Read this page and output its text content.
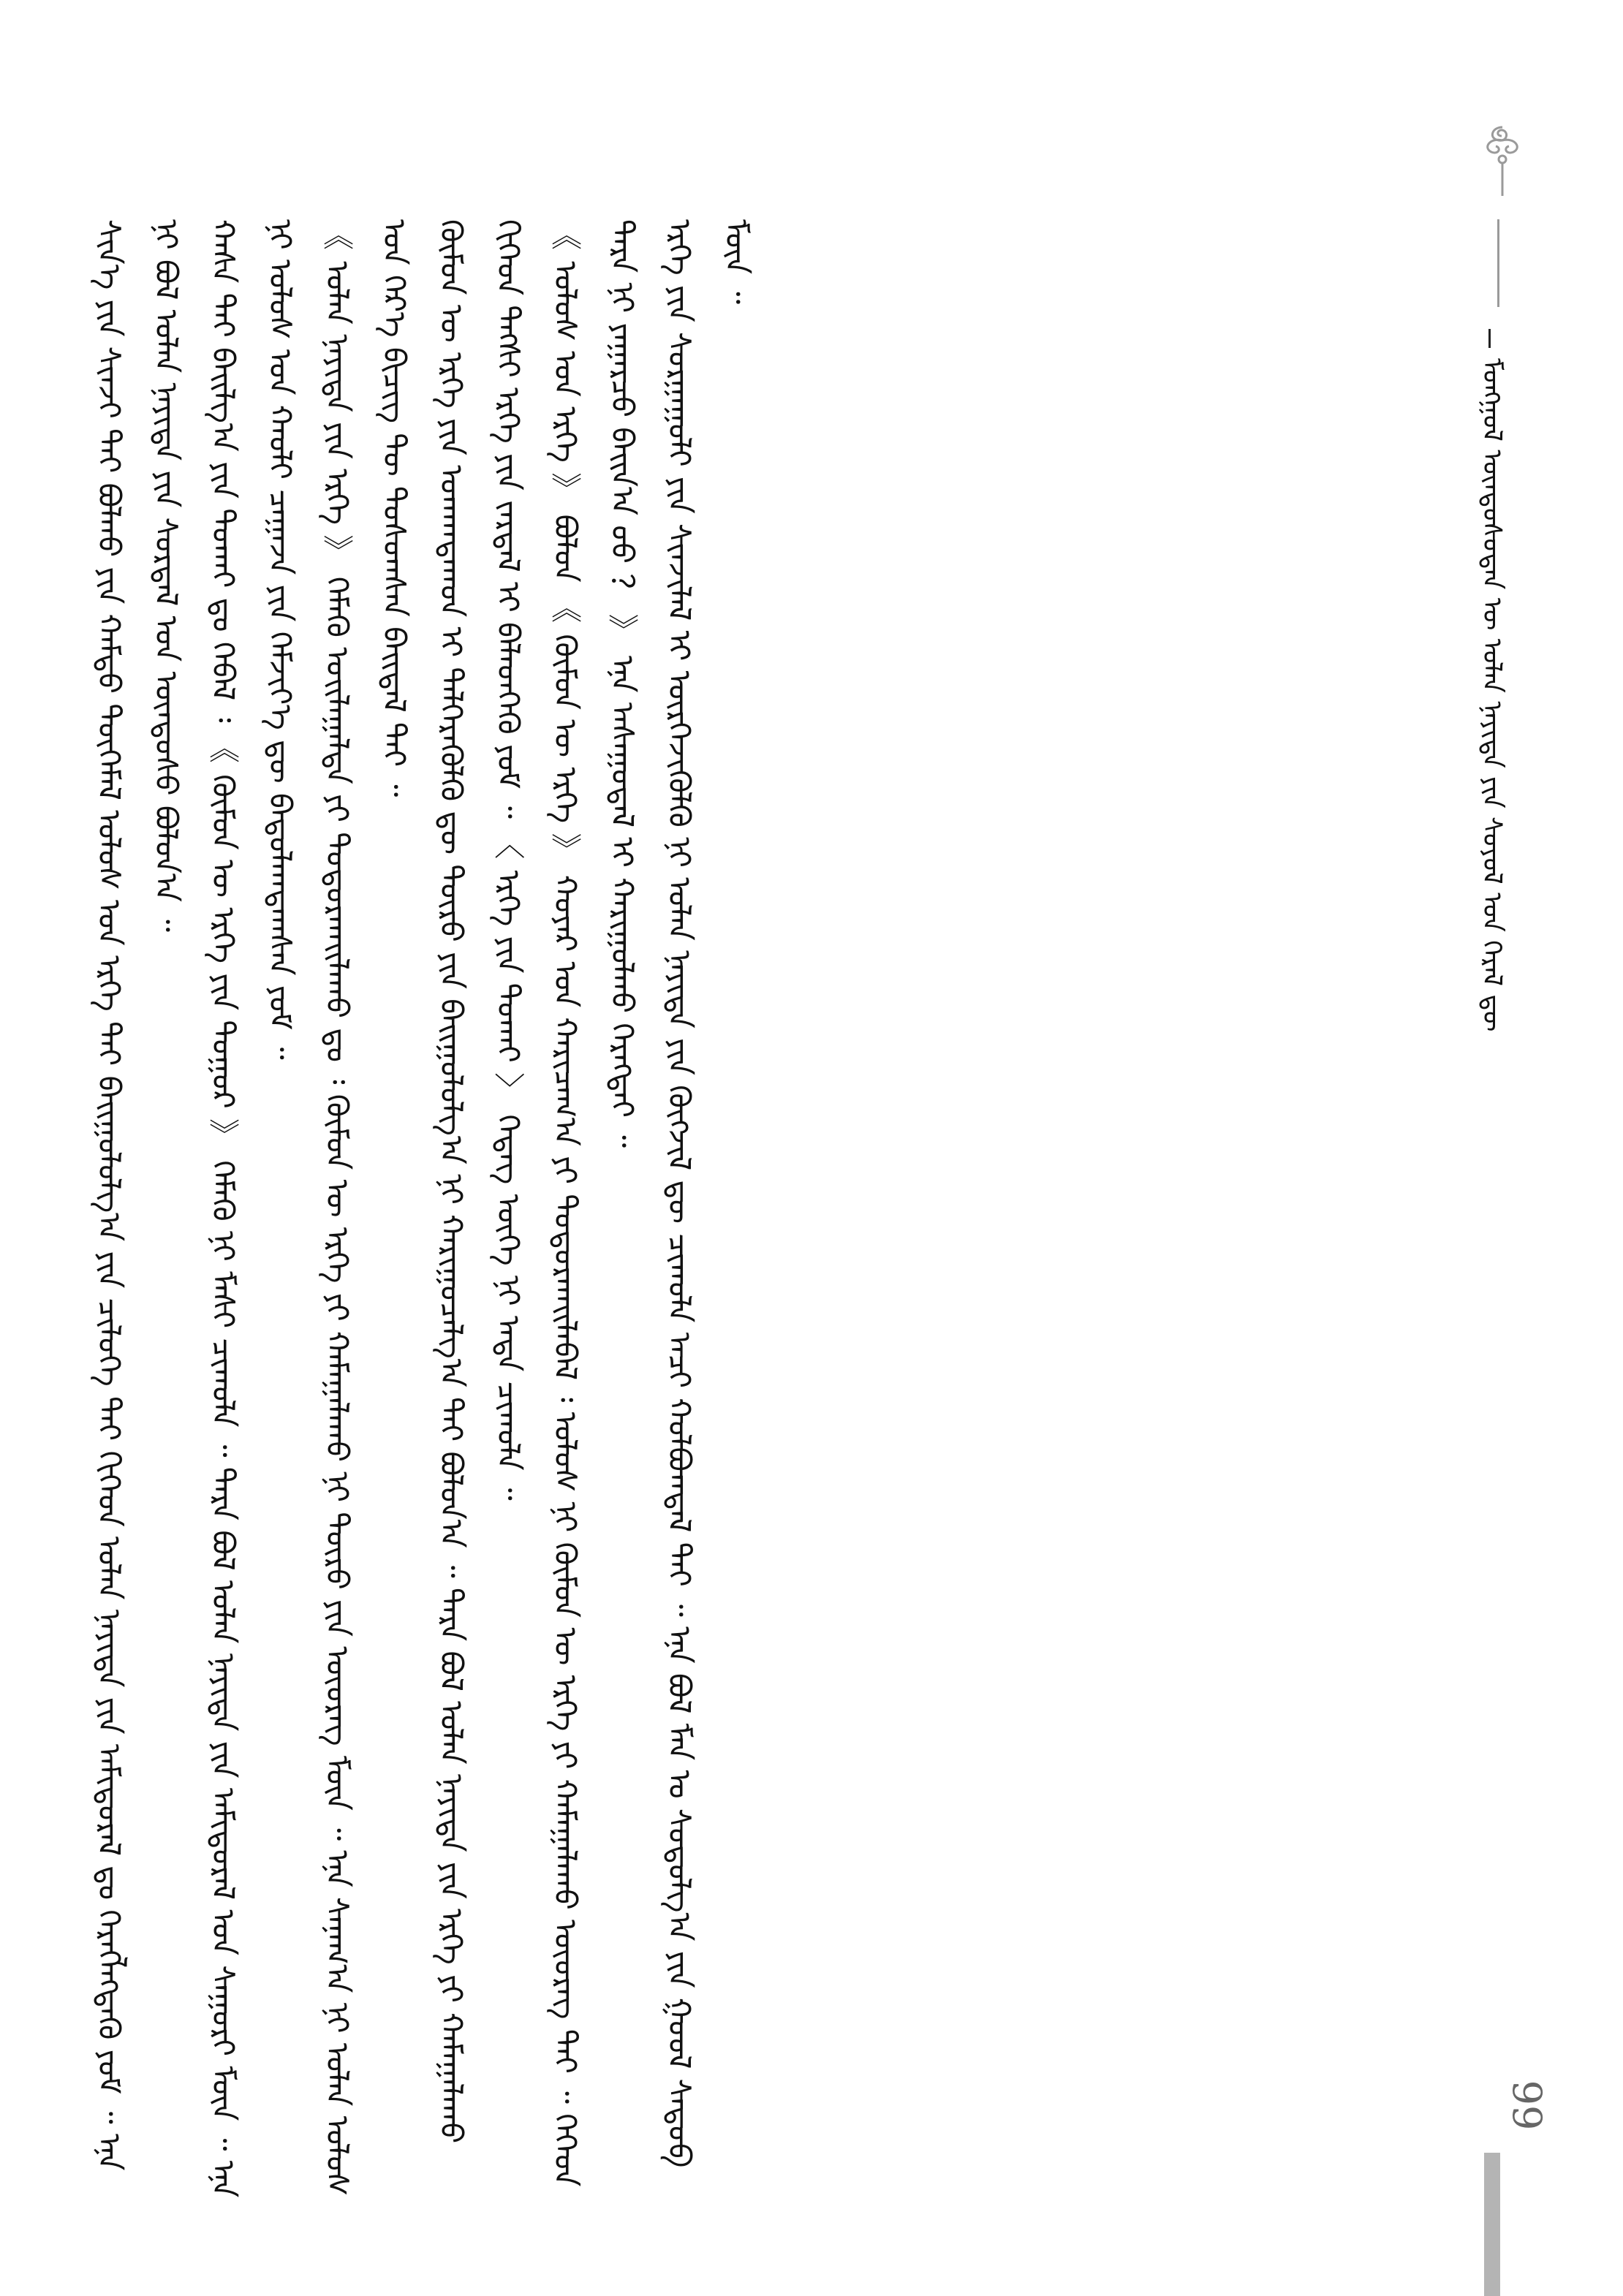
ᠮᠣᠩᠭᠣᠯ ᠦᠨᠳᠦᠰᠦᠲᠡᠨ ᠦ ᠣᠯᠠᠨ ᠨᠡᠶᠢᠲᠡ ᠶᠢᠨ ᠰᠣᠶᠣᠯ ᠤᠨ ᠭᠡᠷᠡᠯ ᠳᠦ

ᠰᠢᠨ᠎ᠡ ᠶᠢᠨ ᠰᠢᠨᠵᠢ ᠲᠡᠢ ᠪᠣᠯᠬᠤ ᠶᠢᠨ ᠬᠠᠮᠲᠤ ᠲᠦᠭᠡᠮᠡᠯ ᠤᠯᠤᠰ ᠤᠨ ᠡᠷᠬᠡ ᠲᠡᠢ ᠪᠠᠢᠭᠤᠯᠤᠯᠭ᠎ᠠ ᠶᠢᠨ ᠴᠢᠯᠦᠭᠡ ᠲᠡᠢ ᠬᠢᠭᠡᠳ ᠣᠯᠠᠨ ᠨᠡᠶᠢᠲᠡ ᠶᠢᠨ ᠠᠮᠢᠳᠤᠷᠠᠯ ᠳᠤ ᠬᠡᠷᠡᠭᠯᠡᠭᠳᠡᠬᠦ ᠶᠤᠮ ᠃ ᠡᠨᠡ ᠨᠢ ᠪᠣᠯ ᠣᠯᠠᠨ ᠨᠡᠶᠢᠲᠡ ᠶᠢᠨ ᠰᠤᠷᠲᠠᠯ ᠤᠨ ᠦᠨᠳᠦᠰᠦ ᠪᠣᠯᠤᠨ᠎ᠠ ᠃ ᠬᠠᠰᠠ ᠲᠠᠢ ᠪᠠᠢᠯᠭ᠎ᠠ ᠶᠢᠨ ᠲᠤᠬᠠᠢ ᠳᠤ ᠭᠡᠪᠡᠯ ᠄ 《 ᠬᠦᠮᠦᠨ ᠦ ᠡᠷᠬᠡ ᠶᠢᠨ ᠲᠤᠭᠤᠷ 》 ᠬᠡᠮᠡᠬᠦ ᠨᠢ ᠮᠠᠰᠢ ᠴᠢᠬᠤᠯᠠ ᠃ ᠲᠡᠷᠡ ᠪᠣᠯ ᠣᠯᠠᠨ ᠨᠡᠶᠢᠲᠡ ᠶᠢᠨ ᠠᠮᠢᠳᠤᠷᠠᠯ ᠤᠨ ᠰᠠᠭᠤᠷᠢ ᠮᠥᠨ ᠃ ᠡᠨᠡ ᠨᠢ ᠤᠯᠤᠰ ᠤᠨ ᠬᠠᠤᠯᠢ ᠴᠠᠭᠠᠵᠠ ᠶᠢᠨ ᠬᠡᠮᠵᠢᠶ᠎ᠡ ᠳᠦ ᠪᠠᠳᠤᠯᠠᠭᠳᠠᠭᠰᠠᠨ ᠶᠤᠮ ᠃ 《 ᠣᠯᠠᠨ ᠨᠡᠶᠢᠲᠡ ᠶᠢᠨ ᠡᠷᠬᠡ 》 ᠬᠡᠮᠡᠬᠦ ᠣᠢᠯᠠᠭᠠᠯᠲᠠ ᠶᠢ ᠲᠤᠳᠤᠷᠬᠠᠢᠯᠠᠬᠤ ᠳᠤ ᠄ ᠬᠦᠮᠦᠨ ᠦ ᠡᠷᠬᠡ ᠶᠢ ᠬᠠᠮᠠᠭᠠᠯᠠᠬᠤ ᠨᠢ ᠲᠦᠷᠦ ᠶᠢᠨ ᠦᠦᠷᠡᠭ ᠮᠥᠨ ᠃ ᠡᠨᠡ ᠰᠠᠨᠠᠭ᠎ᠠ ᠨᠢ ᠣᠯᠠᠨ ᠤᠯᠤᠰ ᠤᠨ ᠭᠡᠷ᠎ᠡ ᠪᠢᠴᠢᠭ ᠲᠦ ᠲᠤᠰᠤᠭᠰᠠᠨ ᠪᠠᠢᠳᠠᠯ ᠲᠠᠢ ᠃ ᠬᠦᠮᠦᠨ ᠦ ᠡᠷᠬᠡ ᠶᠢᠨ ᠤᠬᠠᠭᠳᠠᠬᠤᠨ ᠢ ᠲᠡᠯᠭᠡᠷᠡᠭᠦᠯᠬᠦ ᠳᠦ ᠲᠥᠷᠦ ᠶᠢᠨ ᠪᠠᠢᠭᠤᠯᠤᠯᠭ᠎ᠠ ᠨᠢ ᠬᠠᠷᠢᠭᠤᠴᠠᠯᠭ᠎ᠠ ᠲᠠᠢ ᠪᠣᠯᠤᠨ᠎ᠠ ᠃ ᠲᠡᠷᠡ ᠪᠣᠯ ᠣᠯᠠᠨ ᠨᠡᠶᠢᠲᠡ ᠶᠢᠨ ᠡᠷᠬᠡ ᠶᠢ ᠬᠠᠮᠠᠭᠠᠯᠠᠬᠤ ᠬᠢᠭᠡᠳ ᠲᠡᠭᠰᠢ ᠡᠷᠬᠡ ᠶᠢᠨ ᠵᠠᠷᠳᠠᠯ ᠢ ᠪᠡᠯᠡᠳᠬᠡᠬᠦ ᠶᠤᠮ ᠃ 〈 ᠡᠷᠬᠡ ᠶᠢᠨ ᠲᠤᠬᠠᠢ 〉 ᠭᠡᠳᠡᠭ ᠦᠭᠡ ᠨᠢ ᠡᠨᠳᠡ ᠴᠢᠬᠤᠯᠠ ᠃ 《 ᠤᠯᠤᠰ ᠤᠨ ᠡᠷᠬᠡ 》 ᠪᠣᠯᠤᠨ 《 ᠬᠦᠮᠦᠨ ᠦ ᠡᠷᠬᠡ 》 ᠬᠣᠶᠠᠷ ᠤᠨ ᠬᠠᠷᠢᠴᠠᠭ᠎ᠠ ᠶᠢ ᠲᠤᠳᠤᠷᠬᠠᠢᠯᠠᠪᠠᠯ ᠄ ᠤᠯᠤᠰ ᠨᠢ ᠬᠦᠮᠦᠨ ᠦ ᠡᠷᠬᠡ ᠶᠢ ᠬᠠᠮᠠᠭᠠᠯᠠᠬᠤ ᠦᠦᠷᠡᠭ ᠲᠡᠢ ᠃ ᠭᠡᠬᠡᠳ ᠲᠡᠷᠡ ᠨᠢ ᠶᠠᠭᠠᠷᠴᠤ ᠪᠠᠢᠨ᠎ᠠ ᠤᠤ ？ 》 ᠡᠨᠡ ᠠᠰᠠᠭᠤᠳᠠᠯ ᠢ ᠬᠠᠷᠢᠭᠤᠯᠬᠤ ᠬᠡᠷᠡᠭᠲᠡᠢ ᠃ ᠡᠷᠬᠡ ᠶᠢᠨ ᠰᠤᠷᠭᠠᠭᠤᠯᠢ ᠶᠢᠨ ᠰᠢᠨᠵᠢᠯᠡᠯ ᠢ ᠥᠷᠭᠡᠵᠢᠭᠦᠯᠬᠦ ᠨᠢ ᠣᠯᠠᠨ ᠨᠡᠶᠢᠲᠡ ᠶᠢᠨ ᠬᠦᠭᠵᠢᠯ ᠳᠦ ᠴᠢᠬᠤᠯᠠ ᠠᠴᠢ ᠬᠣᠯᠪᠣᠭᠳᠠᠯ ᠲᠠᠢ ᠃ ᠡᠨᠡ ᠪᠣᠯ ᠮᠠᠨ ᠤ ᠰᠤᠳᠤᠯᠭ᠎ᠠ ᠶᠢᠨ ᠭᠣᠣᠯ ᠰᠡᠳᠦᠪ ᠮᠥᠨ ᠃

99
